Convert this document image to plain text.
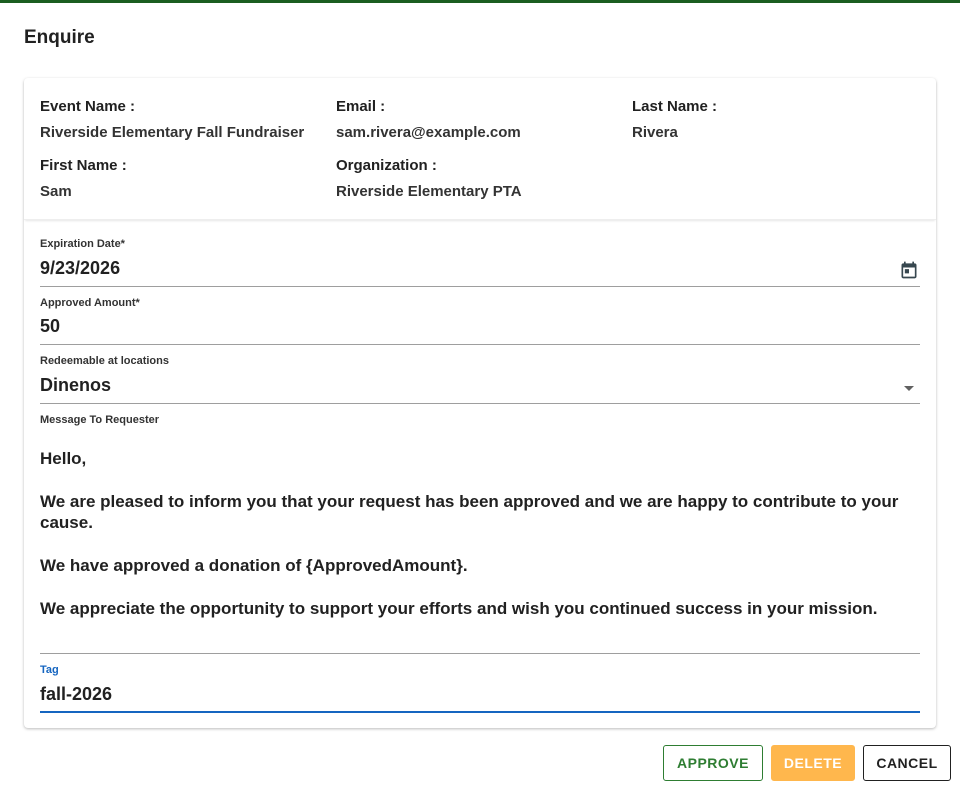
Enquire
Event Name :
Riverside Elementary Fall Fundraiser
Email :
sam.rivera@example.com
Last Name :
Rivera
First Name :
Sam
Organization :
Riverside Elementary PTA
Expiration Date*
9/23/2026
Approved Amount*
50
Redeemable at locations
Dinenos
Message To Requester

Hello,

We are pleased to inform you that your request has been approved and we are happy to contribute to your cause.

We have approved a donation of {ApprovedAmount}.

We appreciate the opportunity to support your efforts and wish you continued success in your mission.

Tag
fall-2026
APPROVE	DELETE	CANCEL
